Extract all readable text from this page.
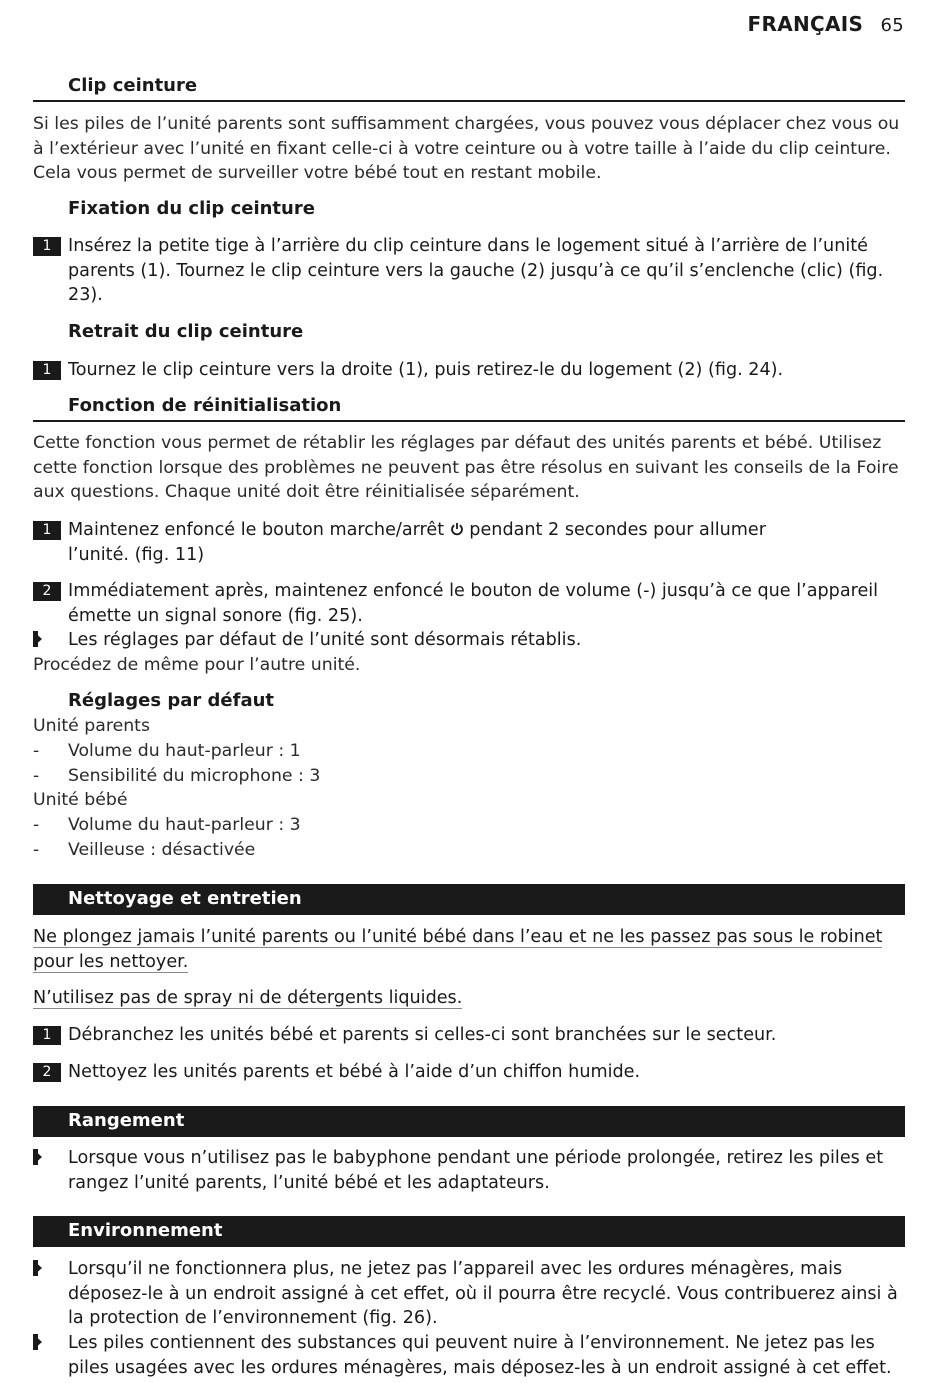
FRANÇAIS 65
Clip ceinture
Si les piles de l’unité parents sont suffisamment chargées, vous pouvez vous déplacer chez vous ou à l’extérieur avec l’unité en fixant celle-ci à votre ceinture ou à votre taille à l’aide du clip ceinture. Cela vous permet de surveiller votre bébé tout en restant mobile.
Fixation du clip ceinture
1 Insérez la petite tige à l’arrière du clip ceinture dans le logement situé à l’arrière de l’unité parents (1). Tournez le clip ceinture vers la gauche (2) jusqu’à ce qu’il s’enclenche (clic) (fig. 23).
Retrait du clip ceinture
1 Tournez le clip ceinture vers la droite (1), puis retirez-le du logement (2) (fig. 24).
Fonction de réinitialisation
Cette fonction vous permet de rétablir les réglages par défaut des unités parents et bébé. Utilisez cette fonction lorsque des problèmes ne peuvent pas être résolus en suivant les conseils de la Foire aux questions. Chaque unité doit être réinitialisée séparément.
1 Maintenez enfoncé le bouton marche/arrêt pendant 2 secondes pour allumer
l’unité. (fig. 11)
2 Immédiatement après, maintenez enfoncé le bouton de volume (-) jusqu’à ce que l’appareil émette un signal sonore (fig. 25).
Les réglages par défaut de l’unité sont désormais rétablis.
Procédez de même pour l’autre unité.
Réglages par défaut
Unité parents
- Volume du haut-parleur : 1
- Sensibilité du microphone : 3
Unité bébé
- Volume du haut-parleur : 3
- Veilleuse : désactivée
Nettoyage et entretien
Ne plongez jamais l’unité parents ou l’unité bébé dans l’eau et ne les passez pas sous le robinet pour les nettoyer.
N’utilisez pas de spray ni de détergents liquides.
1 Débranchez les unités bébé et parents si celles-ci sont branchées sur le secteur.
2 Nettoyez les unités parents et bébé à l’aide d’un chiffon humide.
Rangement
Lorsque vous n’utilisez pas le babyphone pendant une période prolongée, retirez les piles et rangez l’unité parents, l’unité bébé et les adaptateurs.
Environnement
Lorsqu’il ne fonctionnera plus, ne jetez pas l’appareil avec les ordures ménagères, mais déposez-le à un endroit assigné à cet effet, où il pourra être recyclé. Vous contribuerez ainsi à la protection de l’environnement (fig. 26).
Les piles contiennent des substances qui peuvent nuire à l’environnement. Ne jetez pas les piles usagées avec les ordures ménagères, mais déposez-les à un endroit assigné à cet effet.
